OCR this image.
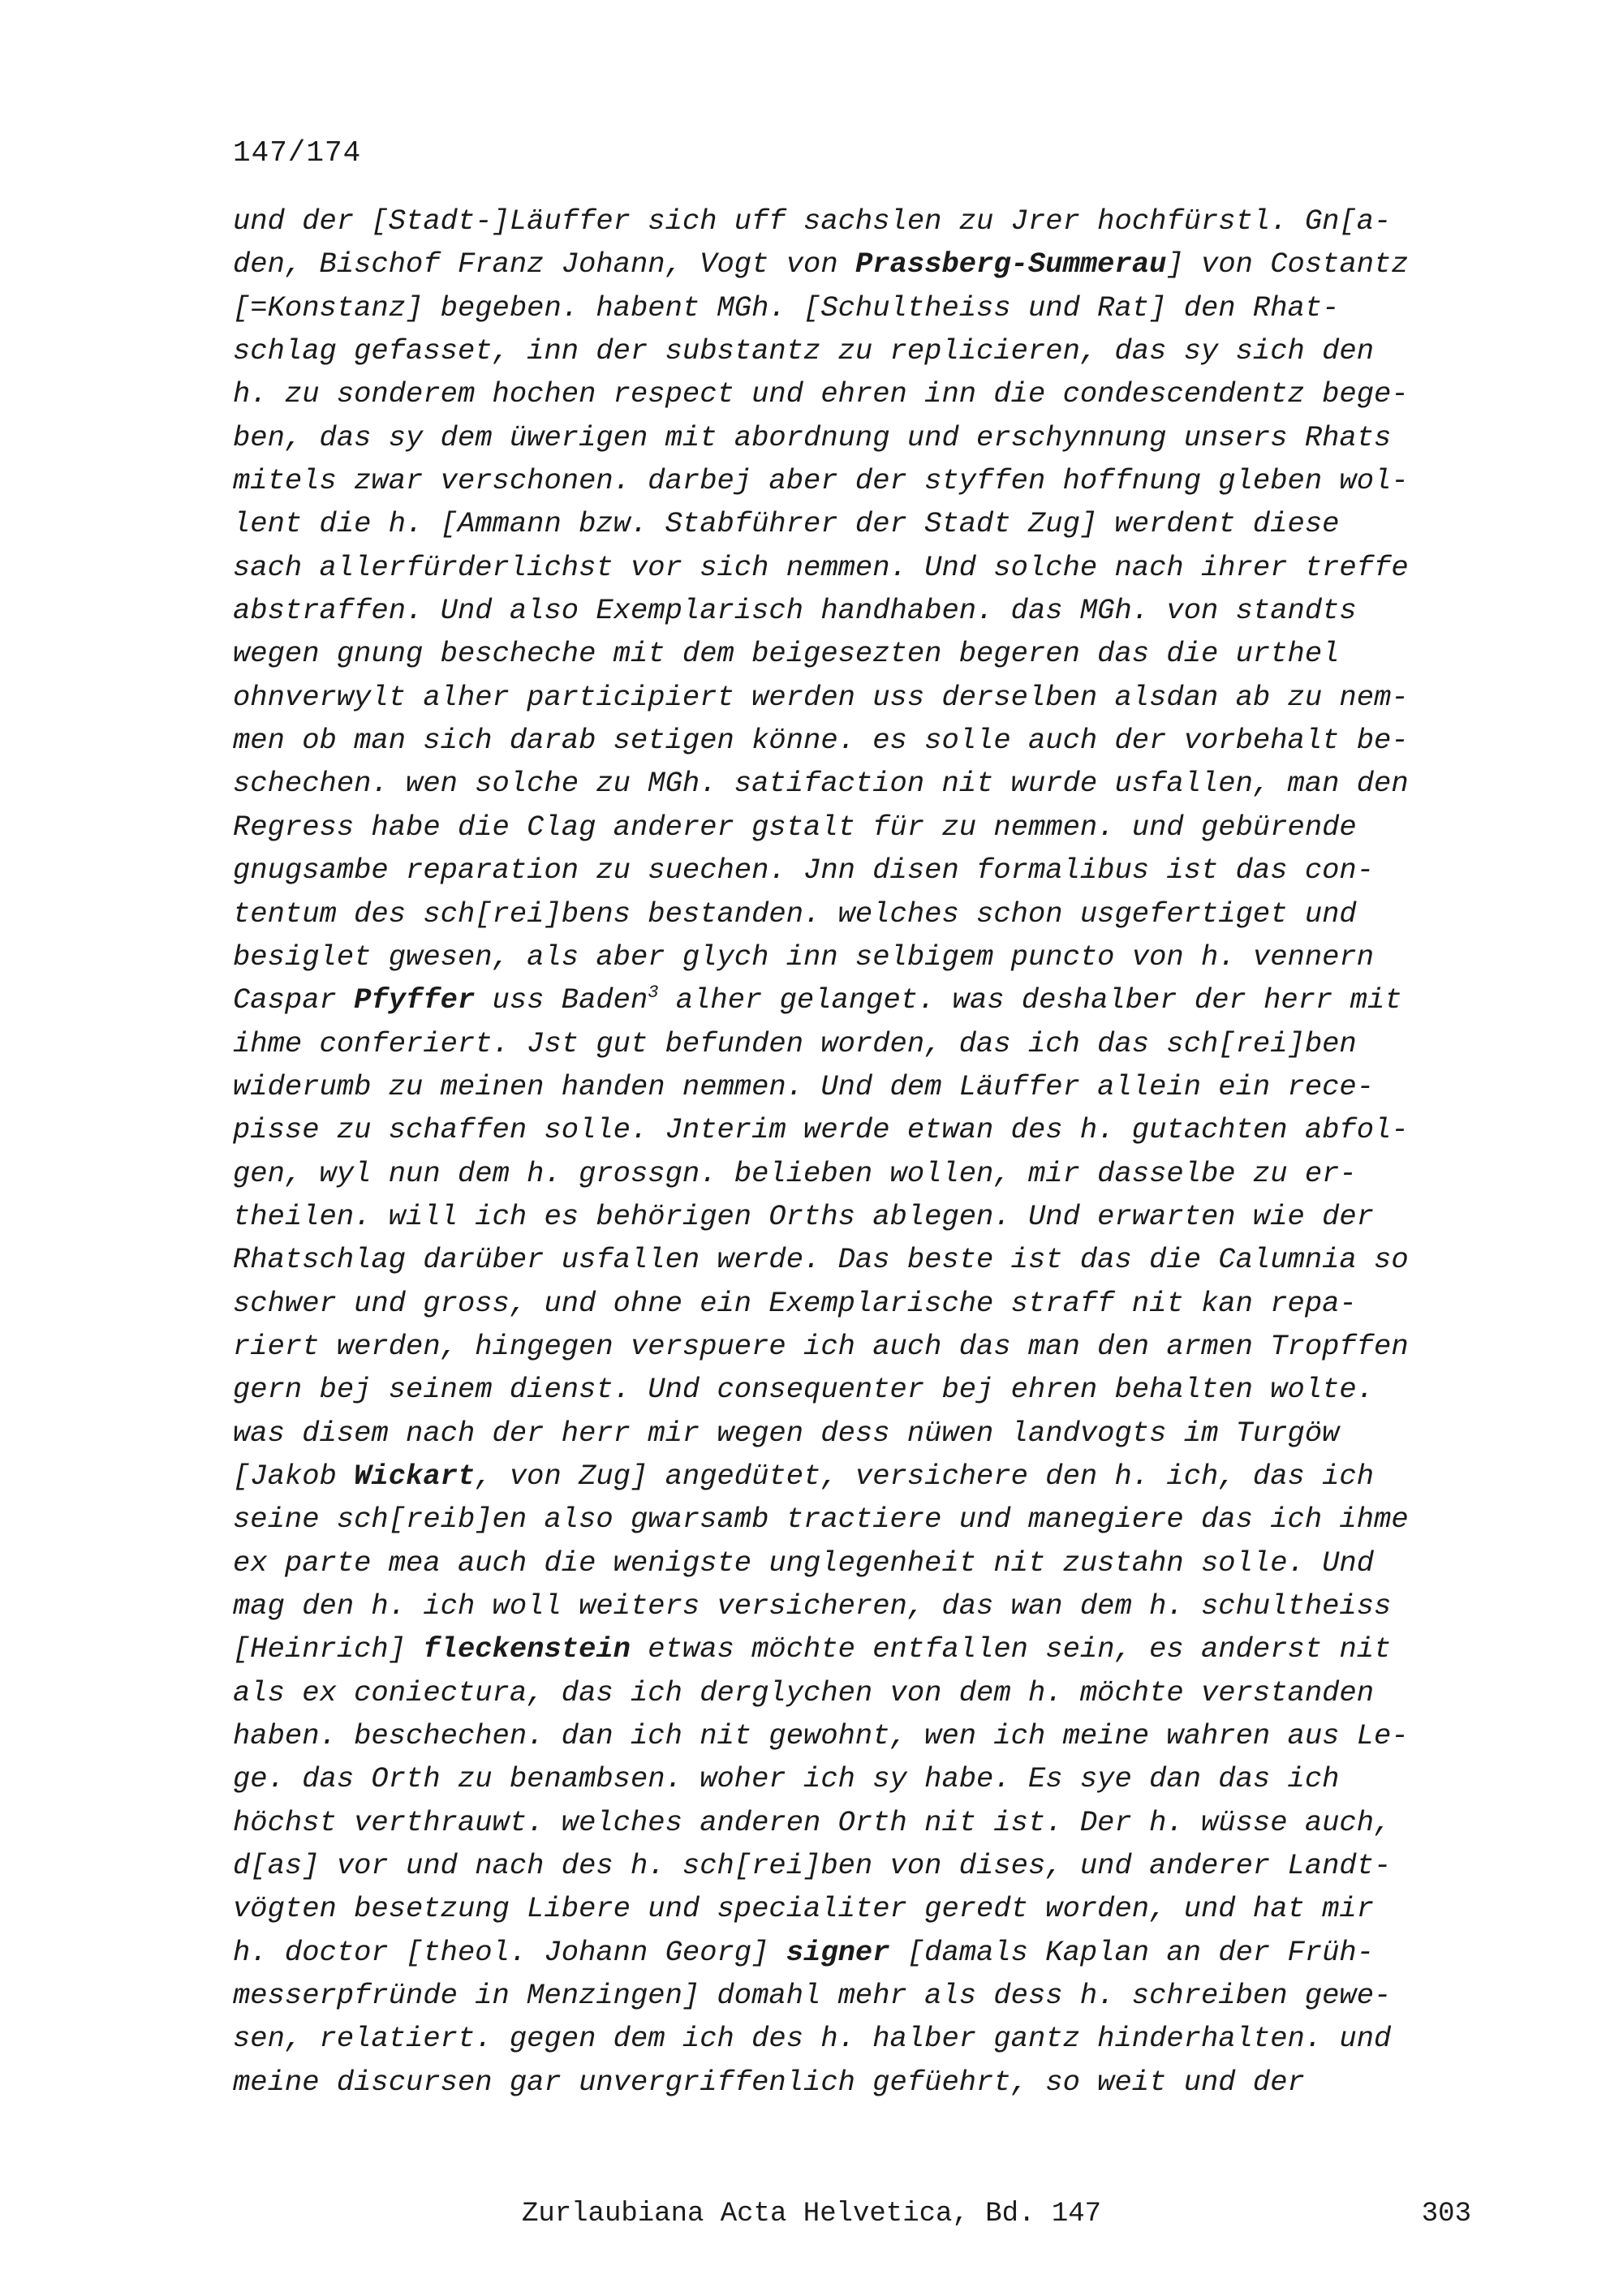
147/174
und der [Stadt-]Läuffer sich uff sachslen zu Jrer hochfürstl. Gn[a-
den, Bischof Franz Johann, Vogt von Prassberg-Summerau] von Costantz
[=Konstanz] begeben. habent MGh. [Schultheiss und Rat] den Rhat-
schlag gefasset, inn der substantz zu replicieren, das sy sich den
h. zu sonderem hochen respect und ehren inn die condescendentz bege-
ben, das sy dem üwerigen mit abordnung und erschynnung unsers Rhats
mitels zwar verschonen. darbej aber der styffen hoffnung gleben wol-
lent die h. [Ammann bzw. Stabführer der Stadt Zug] werdent diese
sach allerfürderlichst vor sich nemmen. Und solche nach ihrer treffe
abstraffen. Und also Exemplarisch handhaben. das MGh. von standts
wegen gnung bescheche mit dem beigesezten begeren das die urthel
ohnverwylt alher participiert werden uss derselben alsdan ab zu nem-
men ob man sich darab setigen könne. es solle auch der vorbehalt be-
schechen. wen solche zu MGh. satifaction nit wurde usfallen, man den
Regress habe die Clag anderer gstalt für zu nemmen. und gebürende
gnugsambe reparation zu suechen. Jnn disen formalibus ist das con-
tentum des sch[rei]bens bestanden. welches schon usgefertiget und
besiglet gwesen, als aber glych inn selbigem puncto von h. vennern
Caspar Pfyffer uss Baden$^3$ alher gelanget. was deshalber der herr mit
ihme conferiert. Jst gut befunden worden, das ich das sch[rei]ben
widerumb zu meinen handen nemmen. Und dem Läuffer allein ein rece-
pisse zu schaffen solle. Jnterim werde etwan des h. gutachten abfol-
gen, wyl nun dem h. grossgn. belieben wollen, mir dasselbe zu er-
theilen. will ich es behörigen Orths ablegen. Und erwarten wie der
Rhatschlag darüber usfallen werde. Das beste ist das die Calumnia so
schwer und gross, und ohne ein Exemplarische straff nit kan repa-
riert werden, hingegen verspuere ich auch das man den armen Tropffen
gern bej seinem dienst. Und consequenter bej ehren behalten wolte.
was disem nach der herr mir wegen dess nüwen landvogts im Turgöw
[Jakob Wickart, von Zug] angedütet, versichere den h. ich, das ich
seine sch[reib]en also gwarsamb tractiere und manegiere das ich ihme
ex parte mea auch die wenigste unglegenheit nit zustahn solle. Und
mag den h. ich woll weiters versicheren, das wan dem h. schultheiss
[Heinrich] fleckenstein etwas möchte entfallen sein, es anderst nit
als ex coniectura, das ich derglychen von dem h. möchte verstanden
haben. beschechen. dan ich nit gewohnt, wen ich meine wahren aus Le-
ge. das Orth zu benambsen. woher ich sy habe. Es sye dan das ich
höchst verthrauwt. welches anderen Orth nit ist. Der h. wüsse auch,
d[as] vor und nach des h. sch[rei]ben von dises, und anderer Landt-
vögten besetzung Libere und specialiter geredt worden, und hat mir
h. doctor [theol. Johann Georg] signer [damals Kaplan an der Früh-
messerpfründe in Menzingen] domahl mehr als dess h. schreiben gewe-
sen, relatiert. gegen dem ich des h. halber gantz hinderhalten. und
meine discursen gar unvergriffenlich gefüehrt, so weit und der
Zurlaubiana Acta Helvetica, Bd. 147	303
